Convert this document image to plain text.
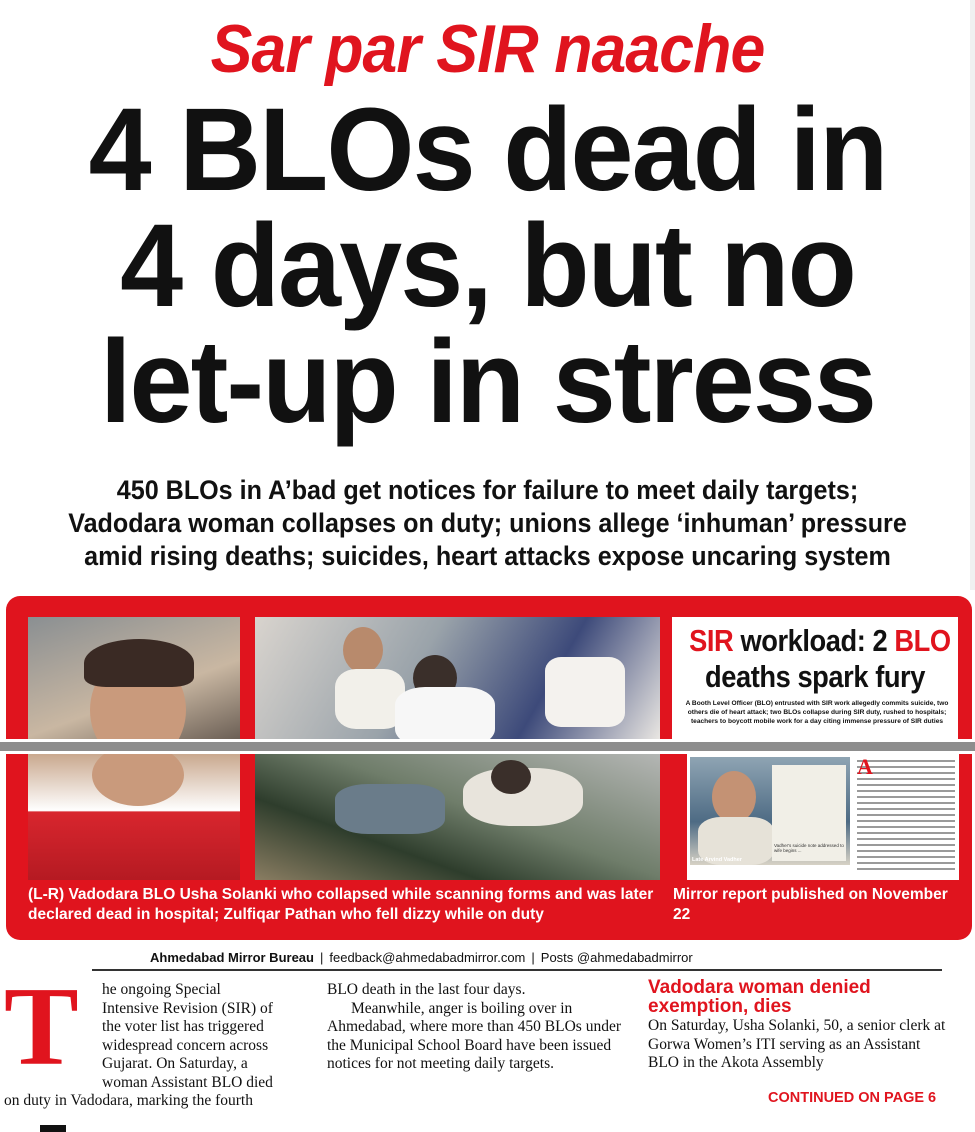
Sar par SIR naache
4 BLOs dead in
4 days, but no
let-up in stress
450 BLOs in A’bad get notices for failure to meet daily targets;
Vadodara woman collapses on duty; unions allege ‘inhuman’ pressure
amid rising deaths; suicides, heart attacks expose uncaring system
SIR workload: 2 BLO
deaths spark fury
A Booth Level Officer (BLO) entrusted with SIR work allegedly commits suicide, two others die of heart attack; two BLOs collapse during SIR duty, rushed to hospitals; teachers to boycott mobile work for a day citing immense pressure of SIR duties
Late Arvind Vadher
Vadher's suicide note addressed to wife begins ...
A
(L-R) Vadodara BLO Usha Solanki who collapsed while scanning forms and was later declared dead in hospital; Zulfiqar Pathan who fell dizzy while on duty
Mirror report published on November 22
Ahmedabad Mirror Bureau | feedback@ahmedabadmirror.com | Posts @ahmedabadmirror
T	he ongoing Special
Intensive Revision (SIR) of
the voter list has triggered
widespread concern across
Gujarat. On Saturday, a
woman Assistant BLO died
on duty in Vadodara, marking the fourth

BLO death in the last four days.

Meanwhile, anger is boiling over in Ahmedabad, where more than 450 BLOs under the Municipal School Board have been issued notices for not meeting daily targets.

Vadodara woman denied exemption, dies

On Saturday, Usha Solanki, 50, a senior clerk at Gorwa Women’s ITI serving as an Assistant BLO in the Akota Assembly

CONTINUED ON PAGE 6
